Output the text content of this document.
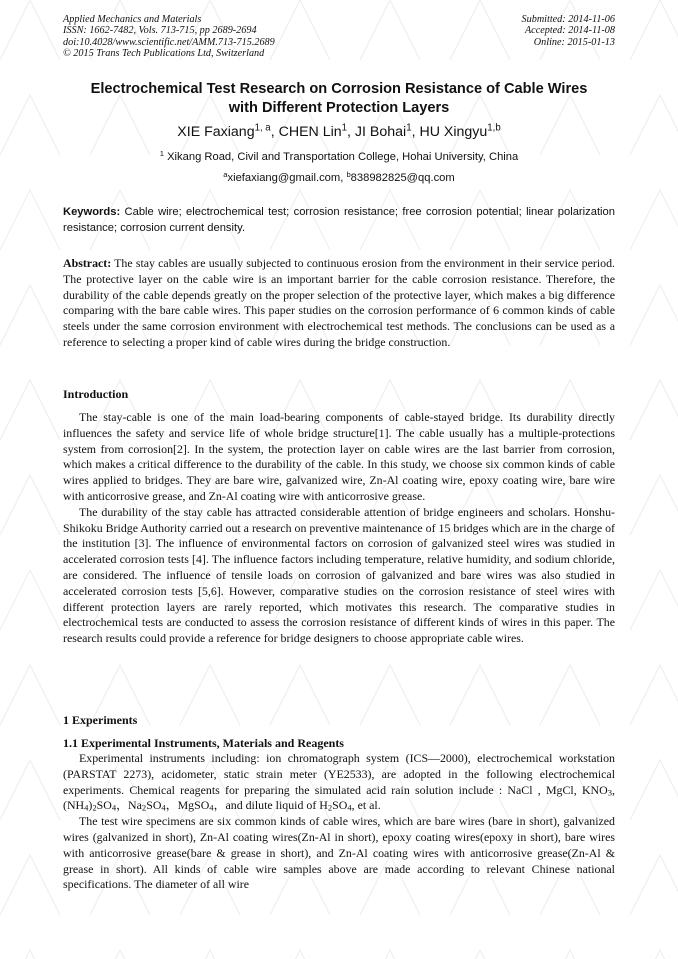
Applied Mechanics and Materials
ISSN: 1662-7482, Vols. 713-715, pp 2689-2694
doi:10.4028/www.scientific.net/AMM.713-715.2689
© 2015 Trans Tech Publications Ltd, Switzerland
Submitted: 2014-11-06
Accepted: 2014-11-08
Online: 2015-01-13
Electrochemical Test Research on Corrosion Resistance of Cable Wires
with Different Protection Layers
XIE Faxiang$^{1, a}$, CHEN Lin$^1$, JI Bohai$^1$, HU Xingyu$^{1,b}$
$^1$ Xikang Road, Civil and Transportation College, Hohai University, China
$^a$xiefaxiang@gmail.com, $^b$838982825@qq.com
Keywords: Cable wire; electrochemical test; corrosion resistance; free corrosion potential; linear polarization resistance; corrosion current density.
Abstract: The stay cables are usually subjected to continuous erosion from the environment in their service period. The protective layer on the cable wire is an important barrier for the cable corrosion resistance. Therefore, the durability of the cable depends greatly on the proper selection of the protective layer, which makes a big difference comparing with the bare cable wires. This paper studies on the corrosion performance of 6 common kinds of cable steels under the same corrosion environment with electrochemical test methods. The conclusions can be used as a reference to selecting a proper kind of cable wires during the bridge construction.
Introduction

The stay-cable is one of the main load-bearing components of cable-stayed bridge. Its durability directly influences the safety and service life of whole bridge structure[1]. The cable usually has a multiple-protections system from corrosion[2]. In the system, the protection layer on cable wires are the last barrier from corrosion, which makes a critical difference to the durability of the cable. In this study, we choose six common kinds of cable wires applied to bridges. They are bare wire, galvanized wire, Zn-Al coating wire, epoxy coating wire, bare wire with anticorrosive grease, and Zn-Al coating wire with anticorrosive grease.

The durability of the stay cable has attracted considerable attention of bridge engineers and scholars. Honshu-Shikoku Bridge Authority carried out a research on preventive maintenance of 15 bridges which are in the charge of the institution [3]. The influence of environmental factors on corrosion of galvanized steel wires was studied in accelerated corrosion tests [4]. The influence factors including temperature, relative humidity, and sodium chloride, are considered. The influence of tensile loads on corrosion of galvanized and bare wires was also studied in accelerated corrosion tests [5,6]. However, comparative studies on the corrosion resistance of steel wires with different protection layers are rarely reported, which motivates this research. The comparative studies in electrochemical tests are conducted to assess the corrosion resistance of different kinds of wires in this paper. The research results could provide a reference for bridge designers to choose appropriate cable wires.

1 Experiments
1.1 Experimental Instruments, Materials and Reagents

Experimental instruments including: ion chromatograph system (ICS—2000), electrochemical workstation (PARSTAT 2273), acidometer, static strain meter (YE2533), are adopted in the following electrochemical experiments. Chemical reagents for preparing the simulated acid rain solution include : NaCl , MgCl, $KNO_3$, $(NH_4)_2SO_4$，$Na_2SO_4$，MgSO$_4$，and dilute liquid of $H_2SO_4$, et al.

The test wire specimens are six common kinds of cable wires, which are bare wires (bare in short), galvanized wires (galvanized in short), Zn-Al coating wires(Zn-Al in short), epoxy coating wires(epoxy in short), bare wires with anticorrosive grease(bare & grease in short), and Zn-Al coating wires with anticorrosive grease(Zn-Al & grease in short). All kinds of cable wire samples above are made according to relevant Chinese national specifications. The diameter of all wire
